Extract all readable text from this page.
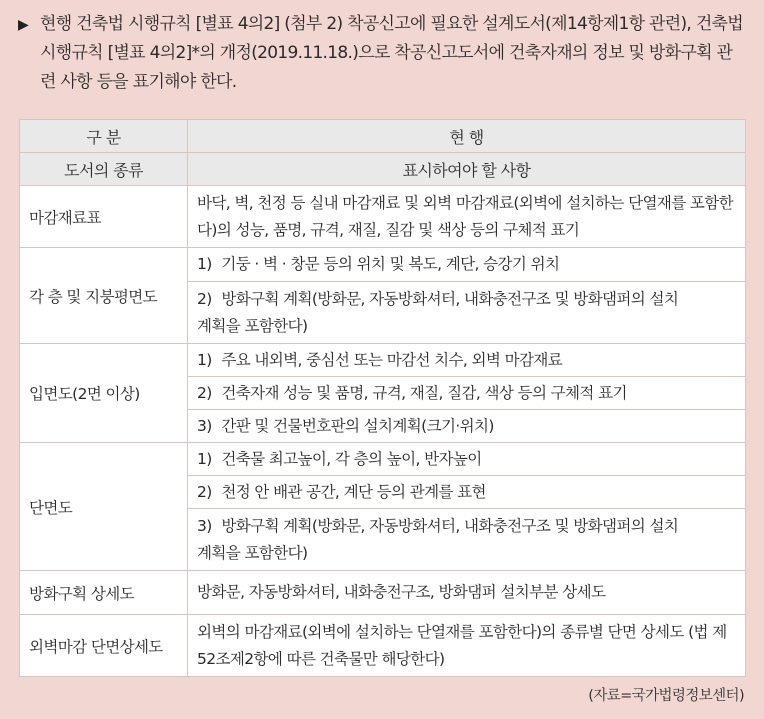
▶ 현행 건축법 시행규칙 [별표 4의2] (첨부 2) 착공신고에 필요한 설계도서(제14항제1항 관련), 건축법 시행규칙 [별표 4의2]*의 개정(2019.11.18.)으로 착공신고도서에 건축자재의 정보 및 방화구획 관련 사항 등을 표기해야 한다.
구 분	현 행
도서의 종류	표시하여야 할 사항
마감재료표	바닥, 벽, 천정 등 실내 마감재료 및 외벽 마감재료(외벽에 설치하는 단열재를 포함한다)의 성능, 품명, 규격, 재질, 질감 및 색상 등의 구체적 표기

각 층 및 지붕평면도	1) 기둥 · 벽 · 창문 등의 위치 및 복도, 계단, 승강기 위치

	2) 방화구획 계획(방화문, 자동방화셔터, 내화충전구조 및 방화댐퍼의 설치
계획을 포함한다)

입면도(2면 이상)	1) 주요 내외벽, 중심선 또는 마감선 치수, 외벽 마감재료

	2) 건축자재 성능 및 품명, 규격, 재질, 질감, 색상 등의 구체적 표기

	3) 간판 및 건물번호판의 설치계획(크기·위치)

단면도	1) 건축물 최고높이, 각 층의 높이, 반자높이

	2) 천정 안 배관 공간, 계단 등의 관계를 표현

	3) 방화구획 계획(방화문, 자동방화셔터, 내화충전구조 및 방화댐퍼의 설치
계획을 포함한다)

방화구획 상세도	방화문, 자동방화셔터, 내화충전구조, 방화댐퍼 설치부분 상세도

외벽마감 단면상세도	외벽의 마감재료(외벽에 설치하는 단열재를 포함한다)의 종류별 단면 상세도 (법 제52조제2항에 따른 건축물만 해당한다)
(자료=국가법령정보센터)
